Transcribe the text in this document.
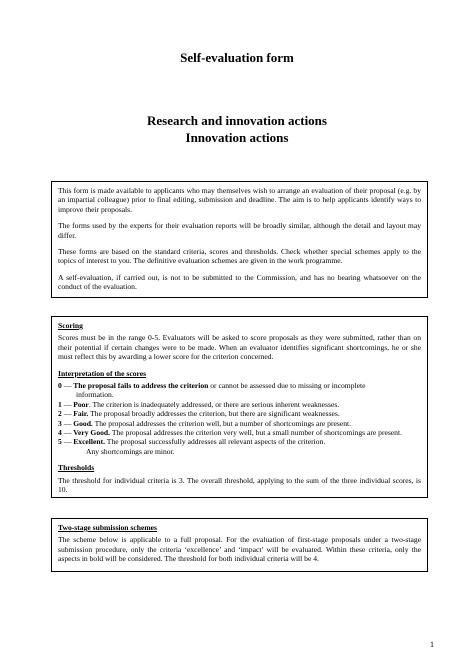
Self-evaluation form
Research and innovation actions
Innovation actions

This form is made available to applicants who may themselves wish to arrange an evaluation of their proposal (e.g. by an impartial colleague) prior to final editing, submission and deadline. The aim is to help applicants identify ways to improve their proposals.

The forms used by the experts for their evaluation reports will be broadly similar, although the detail and layout may differ.

These forms are based on the standard criteria, scores and thresholds. Check whether special schemes apply to the topics of interest to you. The definitive evaluation schemes are given in the work programme.

A self-evaluation, if carried out, is not to be submitted to the Commission, and has no bearing whatsoever on the conduct of the evaluation.

Scoring

Scores must be in the range 0-5. Evaluators will be asked to score proposals as they were submitted, rather than on their potential if certain changes were to be made. When an evaluator identifies significant shortcomings, he or she must reflect this by awarding a lower score for the criterion concerned.

Interpretation of the scores
0 — The proposal fails to address the criterion or cannot be assessed due to missing or incomplete
information.
1 — Poor. The criterion is inadequately addressed, or there are serious inherent weaknesses.
2 — Fair. The proposal broadly addresses the criterion, but there are significant weaknesses.
3 — Good. The proposal addresses the criterion well, but a number of shortcomings are present.
4 — Very Good. The proposal addresses the criterion very well, but a small number of shortcomings are present.
5 — Excellent. The proposal successfully addresses all relevant aspects of the criterion.
Any shortcomings are minor.
Thresholds

The threshold for individual criteria is 3. The overall threshold, applying to the sum of the three individual scores, is 10.

Two-stage submission schemes

The scheme below is applicable to a full proposal. For the evaluation of first-stage proposals under a two-stage submission procedure, only the criteria ‘excellence’ and ‘impact’ will be evaluated. Within these criteria, only the aspects in bold will be considered. The threshold for both individual criteria will be 4.

1
